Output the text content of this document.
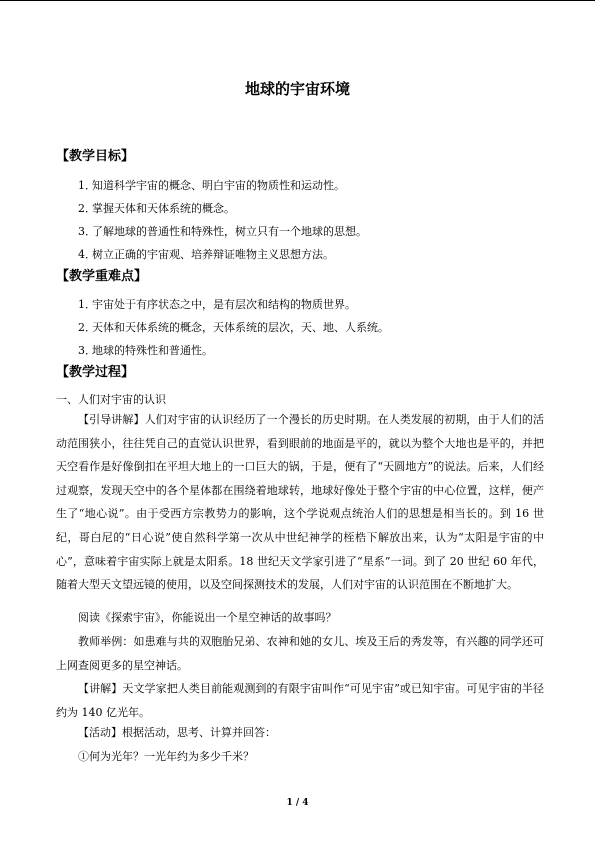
地球的宇宙环境
【教学目标】
1．知道科学宇宙的概念、明白宇宙的物质性和运动性。
2．掌握天体和天体系统的概念。
3．了解地球的普通性和特殊性，树立只有一个地球的思想。
4．树立正确的宇宙观、培养辩证唯物主义思想方法。
【教学重难点】
1．宇宙处于有序状态之中，是有层次和结构的物质世界。
2．天体和天体系统的概念，天体系统的层次，天、地、人系统。
3．地球的特殊性和普通性。
【教学过程】
一、人们对宇宙的认识

【引导讲解】人们对宇宙的认识经历了一个漫长的历史时期。在人类发展的初期，由于人们的活动范围狭小，往往凭自己的直觉认识世界，看到眼前的地面是平的，就以为整个大地也是平的，并把天空看作是好像倒扣在平坦大地上的一口巨大的锅，于是，便有了“天圆地方”的说法。后来，人们经过观察，发现天空中的各个星体都在围绕着地球转，地球好像处于整个宇宙的中心位置，这样，便产生了“地心说”。由于受西方宗教势力的影响，这个学说观点统治人们的思想是相当长的。到 16 世纪，哥白尼的“日心说”使自然科学第一次从中世纪神学的桎梏下解放出来，认为“太阳是宇宙的中心”，意味着宇宙实际上就是太阳系。18 世纪天文学家引进了“星系”一词。到了 20 世纪 60 年代，随着大型天文望远镜的使用，以及空间探测技术的发展，人们对宇宙的认识范围在不断地扩大。

阅读《探索宇宙》，你能说出一个星空神话的故事吗？

教师举例：如患难与共的双胞胎兄弟、农神和她的女儿、埃及王后的秀发等，有兴趣的同学还可上网查阅更多的星空神话。

【讲解】天文学家把人类目前能观测到的有限宇宙叫作“可见宇宙”或已知宇宙。可见宇宙的半径约为 140 亿光年。

【活动】根据活动，思考、计算并回答：

①何为光年？一光年约为多少千米？

1 / 4
